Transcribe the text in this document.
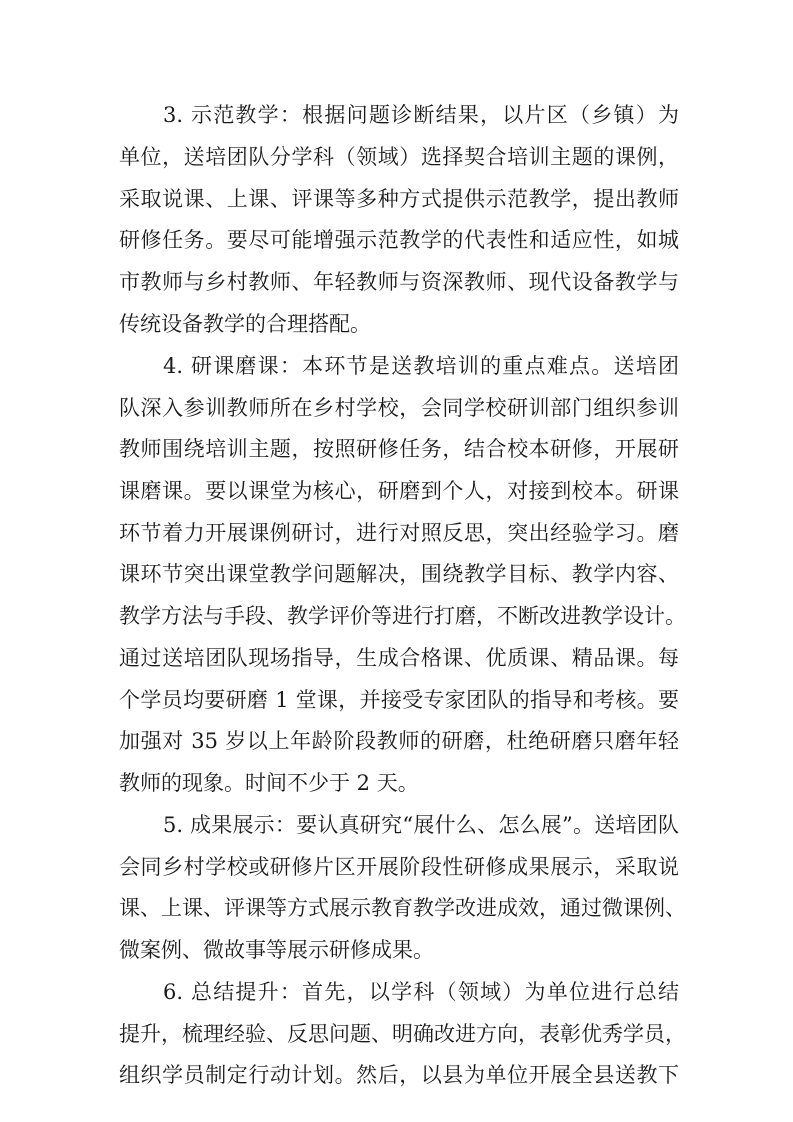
3. 示范教学：根据问题诊断结果，以片区（乡镇）为
单位，送培团队分学科（领域）选择契合培训主题的课例，
采取说课、上课、评课等多种方式提供示范教学，提出教师
研修任务。要尽可能增强示范教学的代表性和适应性，如城
市教师与乡村教师、年轻教师与资深教师、现代设备教学与
传统设备教学的合理搭配。
4. 研课磨课：本环节是送教培训的重点难点。送培团
队深入参训教师所在乡村学校，会同学校研训部门组织参训
教师围绕培训主题，按照研修任务，结合校本研修，开展研
课磨课。要以课堂为核心，研磨到个人，对接到校本。研课
环节着力开展课例研讨，进行对照反思，突出经验学习。磨
课环节突出课堂教学问题解决，围绕教学目标、教学内容、
教学方法与手段、教学评价等进行打磨，不断改进教学设计。
通过送培团队现场指导，生成合格课、优质课、精品课。每
个学员均要研磨 1 堂课，并接受专家团队的指导和考核。要
加强对 35 岁以上年龄阶段教师的研磨，杜绝研磨只磨年轻
教师的现象。时间不少于 2 天。
5. 成果展示：要认真研究“展什么、怎么展”。送培团队
会同乡村学校或研修片区开展阶段性研修成果展示，采取说
课、上课、评课等方式展示教育教学改进成效，通过微课例、
微案例、微故事等展示研修成果。
6. 总结提升：首先，以学科（领域）为单位进行总结
提升，梳理经验、反思问题、明确改进方向，表彰优秀学员，
组织学员制定行动计划。然后，以县为单位开展全县送教下
